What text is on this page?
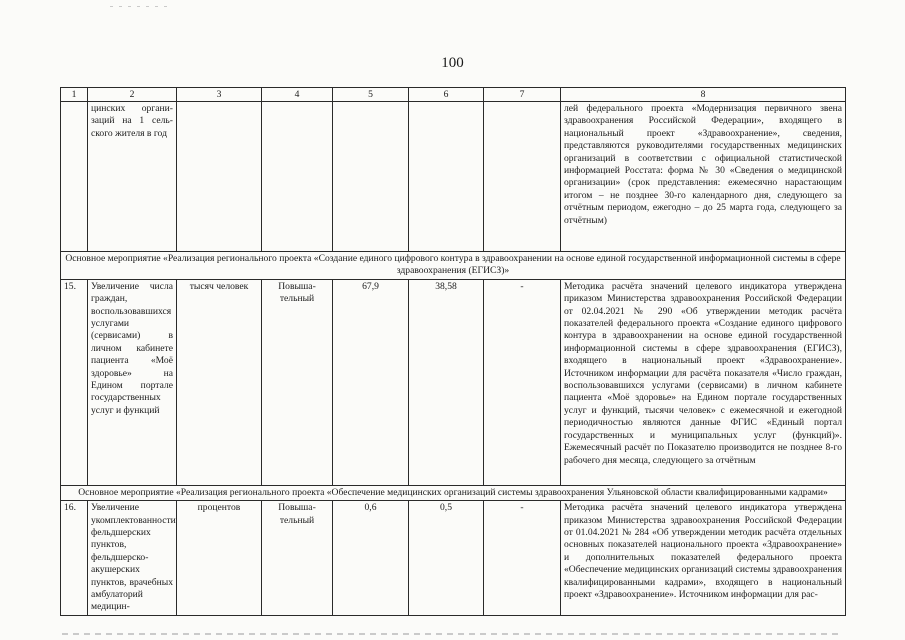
100
1	2	3	4	5	6	7	8
	цинских органи-заций на 1 сель-ского жителя в год						лей федерального проекта «Модернизация первичного звена здравоохранения Российской Федерации», входящего в национальный проект «Здравоохранение», сведения, представляются руководителями государственных медицинских организаций в соответствии с официальной статистической информацией Росстата: форма № 30 «Сведения о медицинской организации» (срок представления: ежемесячно нарастающим итогом – не позднее 30-го календарного дня, следующего за отчётным периодом, ежегодно – до 25 марта года, следующего за отчётным)
Основное мероприятие «Реализация регионального проекта «Создание единого цифрового контура в здравоохранении на основе единой государственной информационной системы в сфере здравоохранения (ЕГИСЗ)»							
15.	Увеличение числа граждан, воспользовавшихся услугами (сервисами) в личном кабинете пациента «Моё здоровье» на Едином портале государственных услуг и функций	тысяч человек	Повыша-тельный	67,9	38,58	-	Методика расчёта значений целевого индикатора утверждена приказом Министерства здравоохранения Российской Федерации от 02.04.2021 № 290 «Об утверждении методик расчёта показателей федерального проекта «Создание единого цифрового контура в здравоохранении на основе единой государственной информационной системы в сфере здравоохранения (ЕГИСЗ), входящего в национальный проект «Здравоохранение». Источником информации для расчёта показателя «Число граждан, воспользовавшихся услугами (сервисами) в личном кабинете пациента «Моё здоровье» на Едином портале государственных услуг и функций, тысячи человек» с ежемесячной и ежегодной периодичностью являются данные ФГИС «Единый портал государственных и муниципальных услуг (функций)». Ежемесячный расчёт по Показателю производится не позднее 8-го рабочего дня месяца, следующего за отчётным
Основное мероприятие «Реализация регионального проекта «Обеспечение медицинских организаций системы здравоохранения Ульяновской области квалифицированными кадрами»							
16.	Увеличение укомплектованности фельдшерских пунктов, фельдшерско-акушерских пунктов, врачебных амбулаторий медицин-	процентов	Повыша-тельный	0,6	0,5	-	Методика расчёта значений целевого индикатора утверждена приказом Министерства здравоохранения Российской Федерации от 01.04.2021 № 284 «Об утверждении методик расчёта отдельных основных показателей национального проекта «Здравоохранение» и дополнительных показателей федерального проекта «Обеспечение медицинских организаций системы здравоохранения квалифицированными кадрами», входящего в национальный проект «Здравоохранение». Источником информации для рас-
